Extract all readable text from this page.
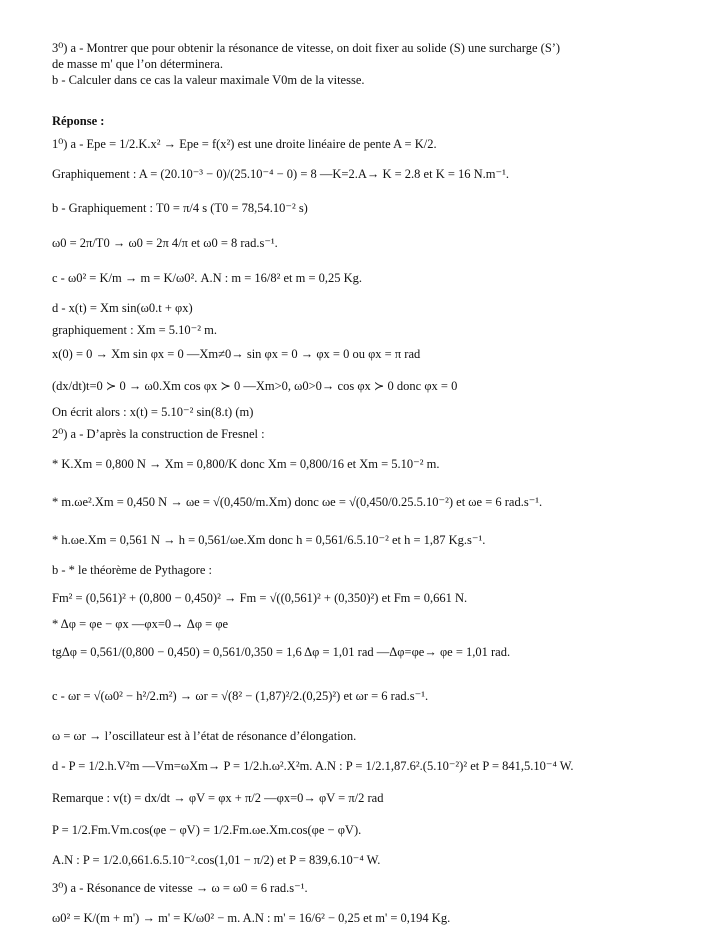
3⁰) a - Montrer que pour obtenir la résonance de vitesse, on doit fixer au solide (S) une surcharge (S’)
de masse m' que l’on déterminera.
b - Calculer dans ce cas la valeur maximale V0m de la vitesse.
Réponse :
1⁰) a - Epe = 1/2.K.x² → Epe = f(x²) est une droite linéaire de pente A = K/2.
Graphiquement : A = (20.10⁻³ − 0)/(25.10⁻⁴ − 0) = 8 —K=2.A→ K = 2.8 et K = 16 N.m⁻¹.
b - Graphiquement : T0 = π/4 s (T0 = 78,54.10⁻² s)
ω0 = 2π/T0 → ω0 = 2π 4/π et ω0 = 8 rad.s⁻¹.
c - ω0² = K/m → m = K/ω0². A.N : m = 16/8² et m = 0,25 Kg.
d - x(t) = Xm sin(ω0.t + φx)
graphiquement : Xm = 5.10⁻² m.
x(0) = 0 → Xm sin φx = 0 —Xm≠0→ sin φx = 0 → φx = 0 ou φx = π rad
(dx/dt)t=0 ≻ 0 → ω0.Xm cos φx ≻ 0 —Xm>0, ω0>0→ cos φx ≻ 0 donc φx = 0
On écrit alors : x(t) = 5.10⁻² sin(8.t) (m)
2⁰) a - D’après la construction de Fresnel :
* K.Xm = 0,800 N → Xm = 0,800/K donc Xm = 0,800/16 et Xm = 5.10⁻² m.
* m.ωe².Xm = 0,450 N → ωe = √(0,450/m.Xm) donc ωe = √(0,450/0.25.5.10⁻²) et ωe = 6 rad.s⁻¹.
* h.ωe.Xm = 0,561 N → h = 0,561/ωe.Xm donc h = 0,561/6.5.10⁻² et h = 1,87 Kg.s⁻¹.
b - * le théorème de Pythagore :
Fm² = (0,561)² + (0,800 − 0,450)² → Fm = √((0,561)² + (0,350)²) et Fm = 0,661 N.
* Δφ = φe − φx —φx=0→ Δφ = φe
tgΔφ = 0,561/(0,800 − 0,450) = 0,561/0,350 = 1,6 Δφ = 1,01 rad —Δφ=φe→ φe = 1,01 rad.
c - ωr = √(ω0² − h²/2.m²) → ωr = √(8² − (1,87)²/2.(0,25)²) et ωr = 6 rad.s⁻¹.
ω = ωr → l’oscillateur est à l’état de résonance d’élongation.
d - P = 1/2.h.V²m —Vm=ωXm→ P = 1/2.h.ω².X²m. A.N : P = 1/2.1,87.6².(5.10⁻²)² et P = 841,5.10⁻⁴ W.
Remarque : v(t) = dx/dt → φV = φx + π/2 —φx=0→ φV = π/2 rad
P = 1/2.Fm.Vm.cos(φe − φV) = 1/2.Fm.ωe.Xm.cos(φe − φV).
A.N : P = 1/2.0,661.6.5.10⁻².cos(1,01 − π/2) et P = 839,6.10⁻⁴ W.
3⁰) a - Résonance de vitesse → ω = ω0 = 6 rad.s⁻¹.
ω0² = K/(m + m') → m' = K/ω0² − m. A.N : m' = 16/6² − 0,25 et m' = 0,194 Kg.
